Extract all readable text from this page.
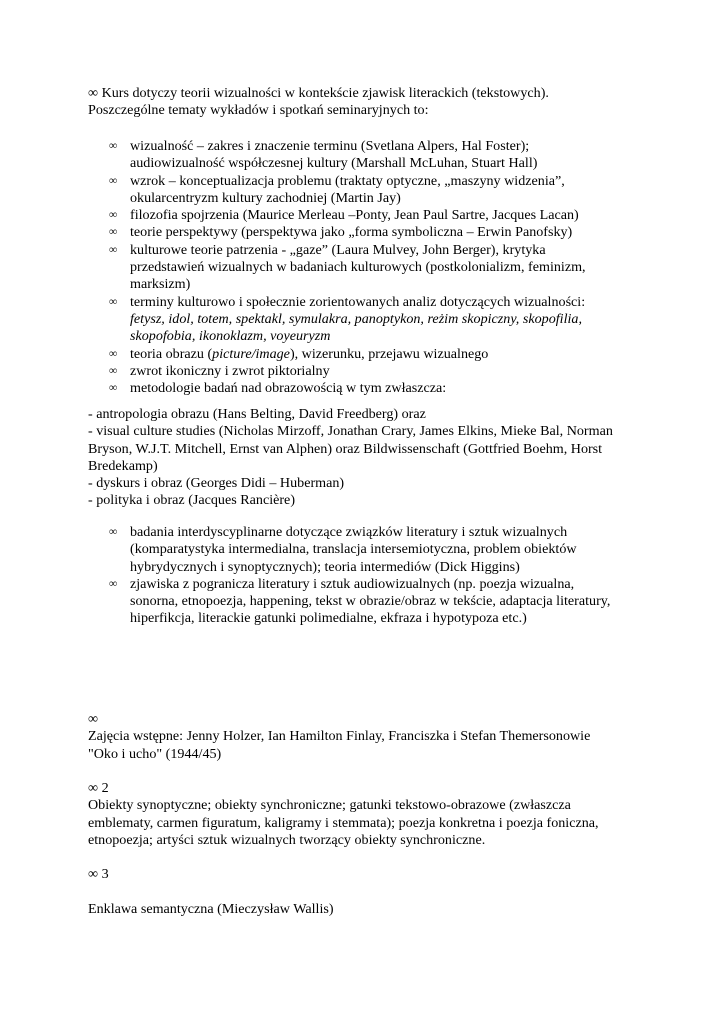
∞ Kurs dotyczy teorii wizualności w kontekście zjawisk literackich (tekstowych).

Poszczególne tematy wykładów i spotkań seminaryjnych to:

∞ wizualność – zakres i znaczenie terminu (Svetlana Alpers, Hal Foster);

audiowizualność współczesnej kultury (Marshall McLuhan, Stuart Hall)

∞ wzrok – konceptualizacja problemu (traktaty optyczne, „maszyny widzenia”,

okularcentryzm kultury zachodniej (Martin Jay)

∞ filozofia spojrzenia (Maurice Merleau –Ponty, Jean Paul Sartre, Jacques Lacan)

∞ teorie perspektywy (perspektywa jako „forma symboliczna – Erwin Panofsky)

∞ kulturowe teorie patrzenia - „gaze” (Laura Mulvey, John Berger), krytyka

przedstawień wizualnych w badaniach kulturowych (postkolonializm, feminizm,

marksizm)

∞ terminy kulturowo i społecznie zorientowanych analiz dotyczących wizualności:

fetysz, idol, totem, spektakl, symulakra, panoptykon, reżim skopiczny, skopofilia,

skopofobia, ikonoklazm, voyeuryzm

∞ teoria obrazu (picture/image), wizerunku, przejawu wizualnego

∞ zwrot ikoniczny i zwrot piktorialny

∞ metodologie badań nad obrazowością w tym zwłaszcza:

- antropologia obrazu (Hans Belting, David Freedberg) oraz

- visual culture studies (Nicholas Mirzoff, Jonathan Crary, James Elkins, Mieke Bal, Norman

Bryson, W.J.T. Mitchell, Ernst van Alphen) oraz Bildwissenschaft (Gottfried Boehm, Horst

Bredekamp)

- dyskurs i obraz (Georges Didi – Huberman)

- polityka i obraz (Jacques Rancière)

∞ badania interdyscyplinarne dotyczące związków literatury i sztuk wizualnych

(komparatystyka intermedialna, translacja intersemiotyczna, problem obiektów

hybrydycznych i synoptycznych); teoria intermediów (Dick Higgins)

∞ zjawiska z pogranicza literatury i sztuk audiowizualnych (np. poezja wizualna,

sonorna, etnopoezja, happening, tekst w obrazie/obraz w tekście, adaptacja literatury,

hiperfikcja, literackie gatunki polimedialne, ekfraza i hypotypoza etc.)

∞

Zajęcia wstępne: Jenny Holzer, Ian Hamilton Finlay, Franciszka i Stefan Themersonowie

"Oko i ucho" (1944/45)

∞ 2

Obiekty synoptyczne; obiekty synchroniczne; gatunki tekstowo-obrazowe (zwłaszcza

emblematy, carmen figuratum, kaligramy i stemmata); poezja konkretna i poezja foniczna,

etnopoezja; artyści sztuk wizualnych tworzący obiekty synchroniczne.

∞ 3

Enklawa semantyczna (Mieczysław Wallis)
